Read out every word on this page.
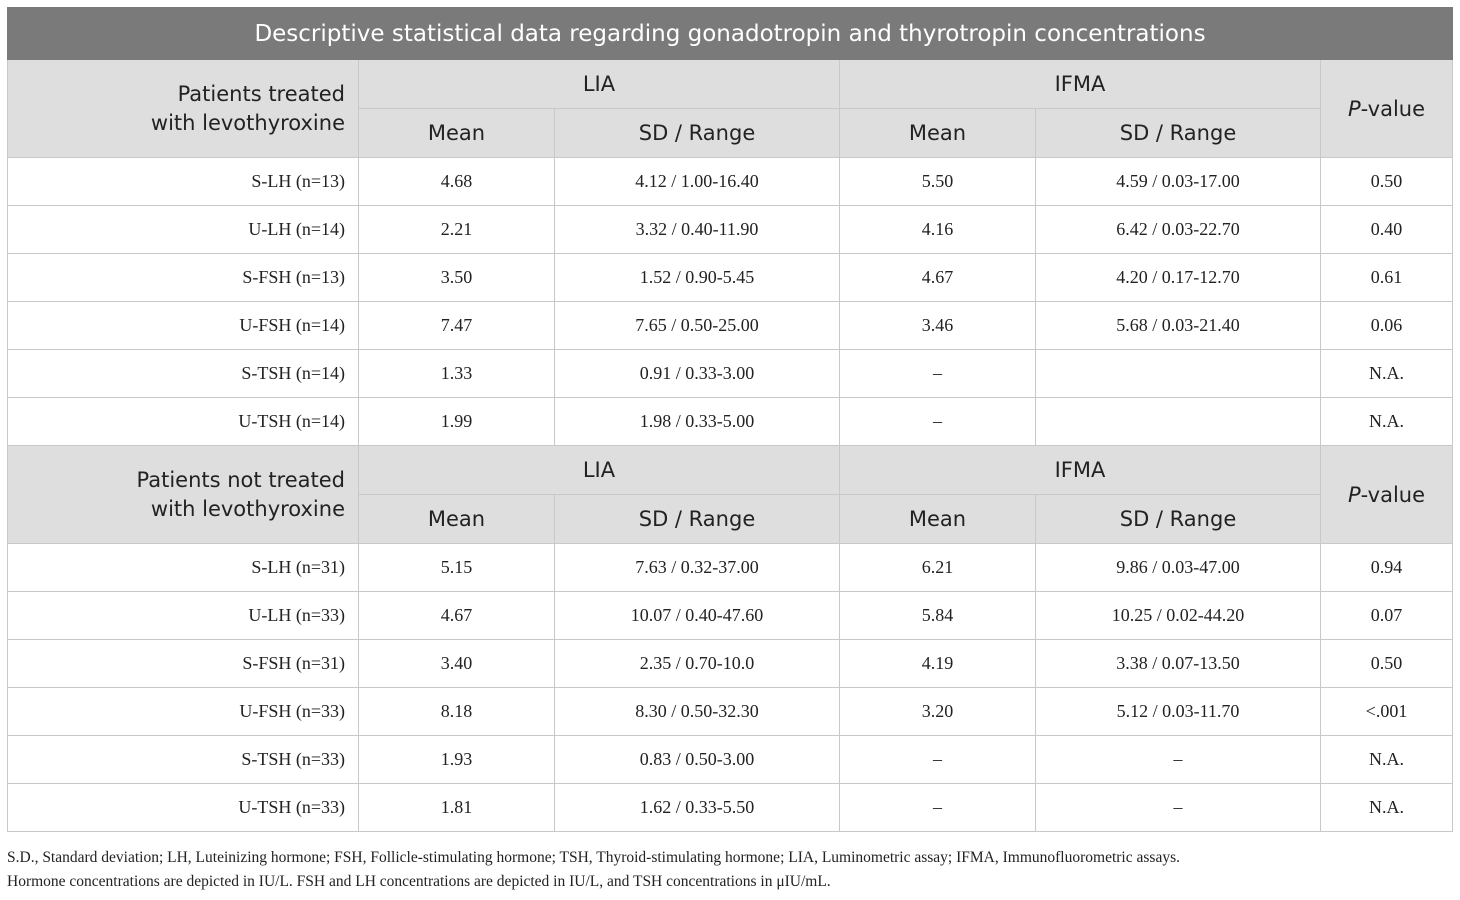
Descriptive statistical data regarding gonadotropin and thyrotropin concentrations					

Patients treated
with levothyroxine	LIA		IFMA		P-value
	Mean	SD / Range	Mean	SD / Range	
S-LH (n=13)	4.68	4.12 / 1.00-16.40	5.50	4.59 / 0.03-17.00	0.50
U-LH (n=14)	2.21	3.32 / 0.40-11.90	4.16	6.42 / 0.03-22.70	0.40
S-FSH (n=13)	3.50	1.52 / 0.90-5.45	4.67	4.20 / 0.17-12.70	0.61
U-FSH (n=14)	7.47	7.65 / 0.50-25.00	3.46	5.68 / 0.03-21.40	0.06
S-TSH (n=14)	1.33	0.91 / 0.33-3.00	–		N.A.
U-TSH (n=14)	1.99	1.98 / 0.33-5.00	–		N.A.

Patients not treated
with levothyroxine	LIA		IFMA		P-value
	Mean	SD / Range	Mean	SD / Range	
S-LH (n=31)	5.15	7.63 / 0.32-37.00	6.21	9.86 / 0.03-47.00	0.94
U-LH (n=33)	4.67	10.07 / 0.40-47.60	5.84	10.25 / 0.02-44.20	0.07
S-FSH (n=31)	3.40	2.35 / 0.70-10.0	4.19	3.38 / 0.07-13.50	0.50
U-FSH (n=33)	8.18	8.30 / 0.50-32.30	3.20	5.12 / 0.03-11.70	<.001
S-TSH (n=33)	1.93	0.83 / 0.50-3.00	–	–	N.A.
U-TSH (n=33)	1.81	1.62 / 0.33-5.50	–	–	N.A.
S.D., Standard deviation; LH, Luteinizing hormone; FSH, Follicle-stimulating hormone; TSH, Thyroid-stimulating hormone; LIA, Luminometric assay; IFMA, Immunofluorometric assays.
Hormone concentrations are depicted in IU/L. FSH and LH concentrations are depicted in IU/L, and TSH concentrations in μIU/mL.
